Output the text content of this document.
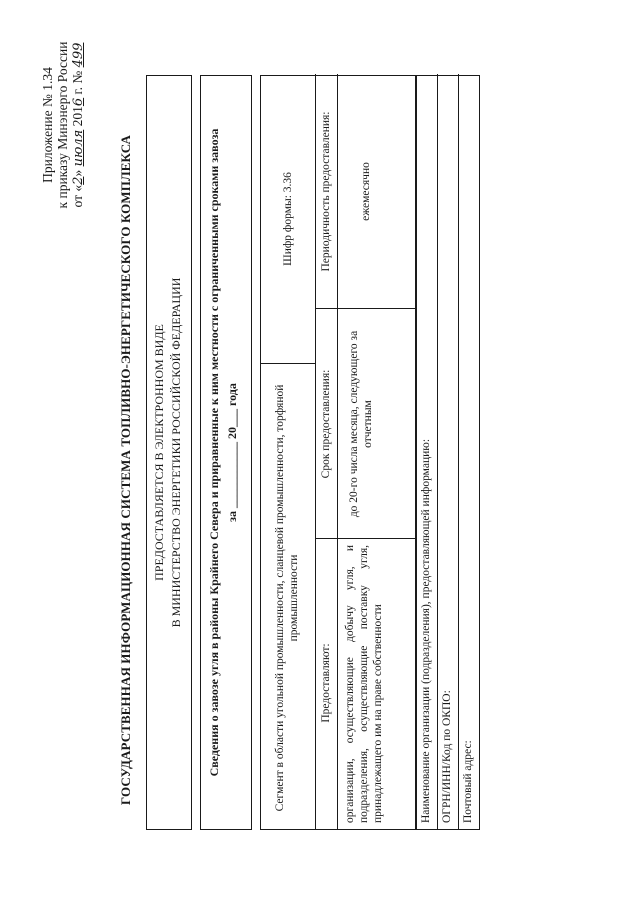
Приложение № 1.34 к приказу Минэнерго России от «2» июля 2016 г. № 499
ГОСУДАРСТВЕННАЯ ИНФОРМАЦИОННАЯ СИСТЕМА ТОПЛИВНО-ЭНЕРГЕТИЧЕСКОГО КОМПЛЕКСА ПРЕДОСТАВЛЯЕТСЯ В ЭЛЕКТРОННОМ ВИДЕ В МИНИСТЕРСТВО ЭНЕРГЕТИКИ РОССИЙСКОЙ ФЕДЕРАЦИИ Сведения о завозе угля в районы Крайнего Севера и приравненные к ним местности с ограниченными сроками завоза за ___________ 20___ года	Сегмент в области угольной промышленности, сланцевой промышленности, торфяной промышленности
Шифр формы: 3.36
Предоставляют:
Срок предоставления:
Периодичность предоставления:
организации, осуществляющие добычу угля, и подразделения, осуществляющие поставку угля, принадлежащего им на праве собственности
до 20-го числа месяца, следующего за отчетным
ежемесячно
Наименование организации (подразделения), предоставляющей информацию: ОГРН/ИНН/Код по ОКПО: Почтовый адрес:
